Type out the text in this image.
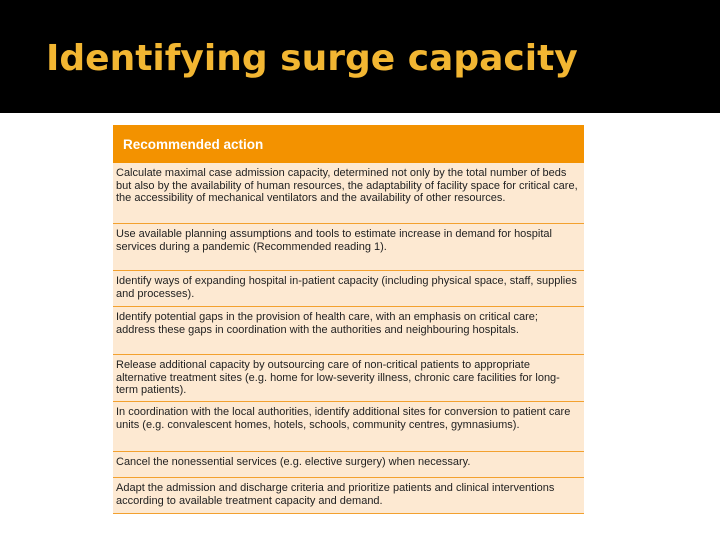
Identifying surge capacity
Recommended action
Calculate maximal case admission capacity, determined not only by the total number of beds but also by the availability of human resources, the adaptability of facility space for critical care, the accessibility of mechanical ventilators and the availability of other resources.
Use available planning assumptions and tools to estimate increase in demand for hospital services during a pandemic (Recommended reading 1).
Identify ways of expanding hospital in-patient capacity (including physical space, staff, supplies and processes).
Identify potential gaps in the provision of health care, with an emphasis on critical care; address these gaps in coordination with the authorities and neighbouring hospitals.
Release additional capacity by outsourcing care of non-critical patients to appropriate alternative treatment sites (e.g. home for low-severity illness, chronic care facilities for long-term patients).
In coordination with the local authorities, identify additional sites for conversion to patient care units (e.g. convalescent homes, hotels, schools, community centres, gymnasiums).
Cancel the nonessential services (e.g. elective surgery) when necessary.
Adapt the admission and discharge criteria and prioritize patients and clinical interventions according to available treatment capacity and demand.
